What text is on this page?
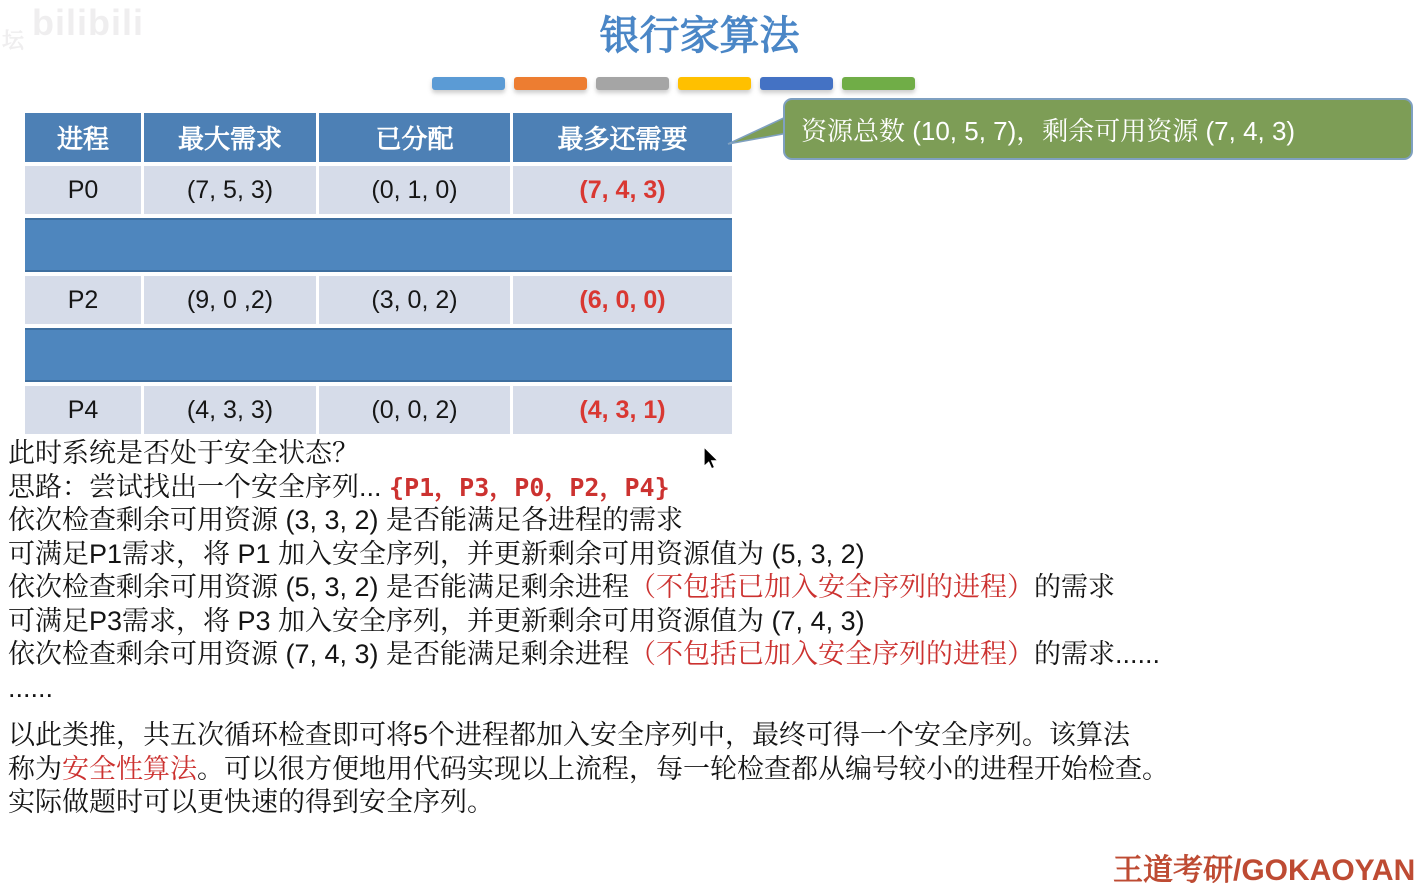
坛 bilibili	银行家算法
进程	最大需求	已分配	最多还需要
P0	(7, 5, 3)	(0, 1, 0)	(7, 4, 3)
P2	(9, 0 ,2)	(3, 0, 2)	(6, 0, 0)
P4	(4, 3, 3)	(0, 0, 2)	(4, 3, 1)
资源总数 (10, 5, 7)，剩余可用资源 (7, 4, 3)
此时系统是否处于安全状态？
思路：尝试找出一个安全序列... {P1，P3，P0，P2，P4}
依次检查剩余可用资源 (3, 3, 2) 是否能满足各进程的需求
可满足P1需求，将 P1 加入安全序列，并更新剩余可用资源值为 (5, 3, 2)
依次检查剩余可用资源 (5, 3, 2) 是否能满足剩余进程（不包括已加入安全序列的进程）的需求
可满足P3需求，将 P3 加入安全序列，并更新剩余可用资源值为 (7, 4, 3)
依次检查剩余可用资源 (7, 4, 3) 是否能满足剩余进程（不包括已加入安全序列的进程）的需求......
......
以此类推，共五次循环检查即可将5个进程都加入安全序列中，最终可得一个安全序列。该算法
称为安全性算法。可以很方便地用代码实现以上流程，每一轮检查都从编号较小的进程开始检查。
实际做题时可以更快速的得到安全序列。
王道考研/GOKAOYAN
